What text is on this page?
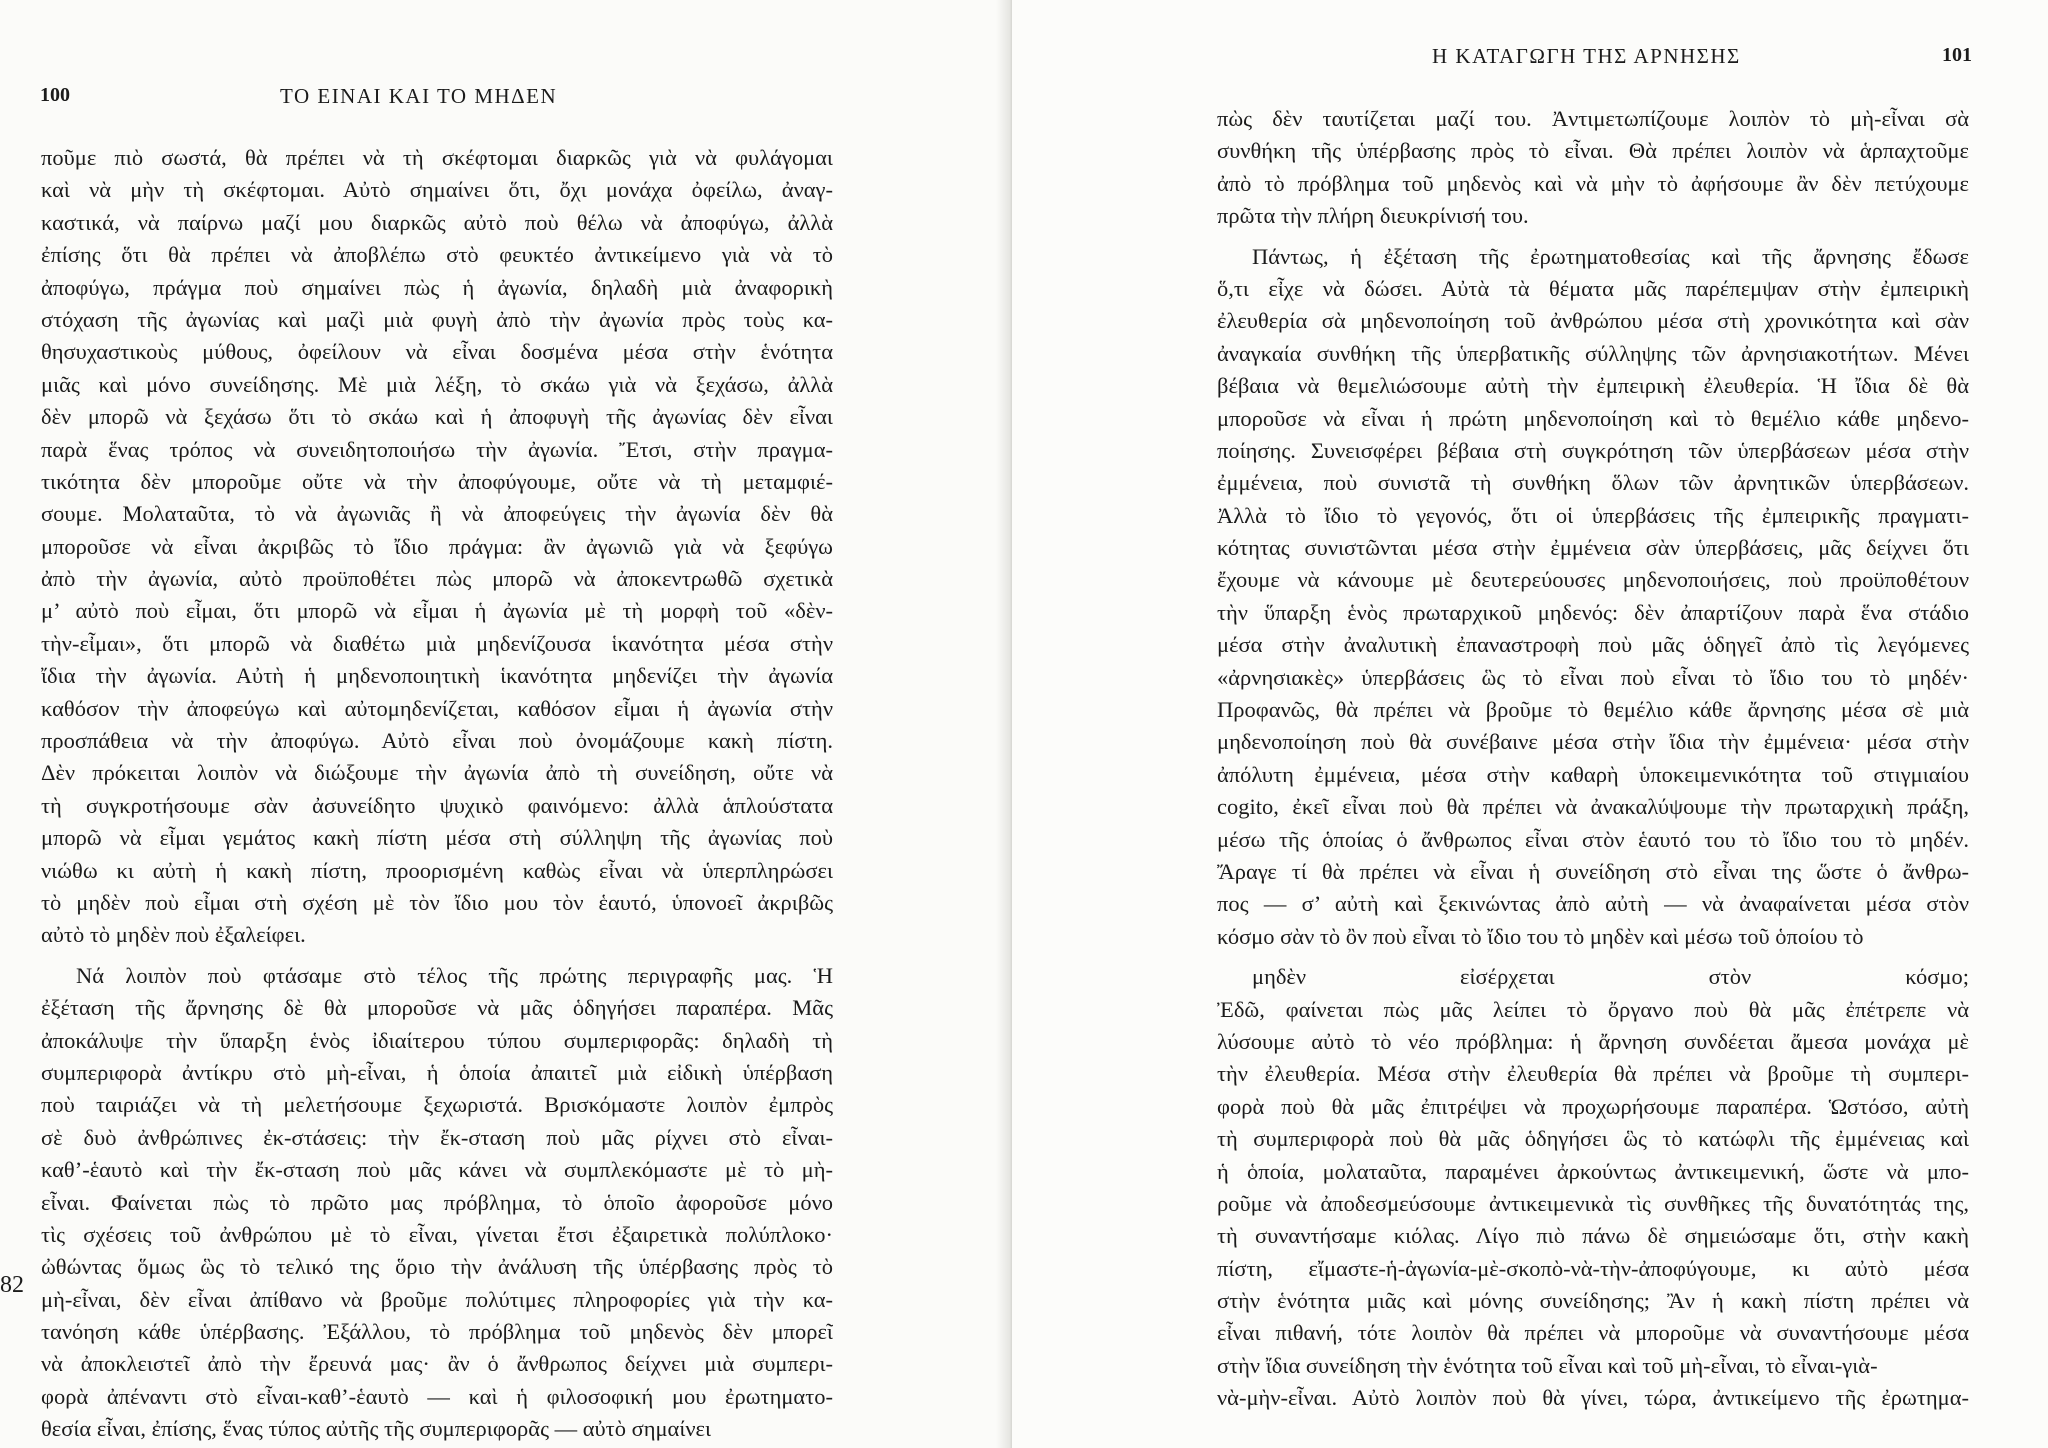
100	ΤΟ ΕΙΝΑΙ ΚΑΙ ΤΟ ΜΗΔΕΝ
ποῦμε πιὸ σωστά, θὰ πρέπει νὰ τὴ σκέφτομαι διαρκῶς γιὰ νὰ φυλάγομαι
καὶ νὰ μὴν τὴ σκέφτομαι. Αὐτὸ σημαίνει ὅτι, ὄχι μονάχα ὀφείλω, ἀναγ-
καστικά, νὰ παίρνω μαζί μου διαρκῶς αὐτὸ ποὺ θέλω νὰ ἀποφύγω, ἀλλὰ
ἐπίσης ὅτι θὰ πρέπει νὰ ἀποβλέπω στὸ φευκτέο ἀντικείμενο γιὰ νὰ τὸ
ἀποφύγω, πράγμα ποὺ σημαίνει πὼς ἡ ἀγωνία, δηλαδὴ μιὰ ἀναφορικὴ
στόχαση τῆς ἀγωνίας καὶ μαζὶ μιὰ φυγὴ ἀπὸ τὴν ἀγωνία πρὸς τοὺς κα-
θησυχαστικοὺς μύθους, ὀφείλουν νὰ εἶναι δοσμένα μέσα στὴν ἑνότητα
μιᾶς καὶ μόνο συνείδησης. Μὲ μιὰ λέξη, τὸ σκάω γιὰ νὰ ξεχάσω, ἀλλὰ
δὲν μπορῶ νὰ ξεχάσω ὅτι τὸ σκάω καὶ ἡ ἀποφυγὴ τῆς ἀγωνίας δὲν εἶναι
παρὰ ἕνας τρόπος νὰ συνειδητοποιήσω τὴν ἀγωνία. Ἔτσι, στὴν πραγμα-
τικότητα δὲν μποροῦμε οὔτε νὰ τὴν ἀποφύγουμε, οὔτε νὰ τὴ μεταμφιέ-
σουμε. Μολαταῦτα, τὸ νὰ ἀγωνιᾶς ἢ νὰ ἀποφεύγεις τὴν ἀγωνία δὲν θὰ
μποροῦσε νὰ εἶναι ἀκριβῶς τὸ ἴδιο πράγμα: ἂν ἀγωνιῶ γιὰ νὰ ξεφύγω
ἀπὸ τὴν ἀγωνία, αὐτὸ προϋποθέτει πὼς μπορῶ νὰ ἀποκεντρωθῶ σχετικὰ
μ’ αὐτὸ ποὺ εἶμαι, ὅτι μπορῶ νὰ εἶμαι ἡ ἀγωνία μὲ τὴ μορφὴ τοῦ «δὲν-
τὴν-εἶμαι», ὅτι μπορῶ νὰ διαθέτω μιὰ μηδενίζουσα ἱκανότητα μέσα στὴν
ἴδια τὴν ἀγωνία. Αὐτὴ ἡ μηδενοποιητικὴ ἱκανότητα μηδενίζει τὴν ἀγωνία
καθόσον τὴν ἀποφεύγω καὶ αὐτομηδενίζεται, καθόσον εἶμαι ἡ ἀγωνία στὴν
προσπάθεια νὰ τὴν ἀποφύγω. Αὐτὸ εἶναι ποὺ ὀνομάζουμε κακὴ πίστη.
Δὲν πρόκειται λοιπὸν νὰ διώξουμε τὴν ἀγωνία ἀπὸ τὴ συνείδηση, οὔτε νὰ
τὴ συγκροτήσουμε σὰν ἀσυνείδητο ψυχικὸ φαινόμενο: ἀλλὰ ἁπλούστατα
μπορῶ νὰ εἶμαι γεμάτος κακὴ πίστη μέσα στὴ σύλληψη τῆς ἀγωνίας ποὺ
νιώθω κι αὐτὴ ἡ κακὴ πίστη, προορισμένη καθὼς εἶναι νὰ ὑπερπληρώσει
τὸ μηδὲν ποὺ εἶμαι στὴ σχέση μὲ τὸν ἴδιο μου τὸν ἑαυτό, ὑπονοεῖ ἀκριβῶς
αὐτὸ τὸ μηδὲν ποὺ ἐξαλείφει.
Νά λοιπὸν ποὺ φτάσαμε στὸ τέλος τῆς πρώτης περιγραφῆς μας. Ἡ
ἐξέταση τῆς ἄρνησης δὲ θὰ μποροῦσε νὰ μᾶς ὁδηγήσει παραπέρα. Μᾶς
ἀποκάλυψε τὴν ὕπαρξη ἑνὸς ἰδιαίτερου τύπου συμπεριφορᾶς: δηλαδὴ τὴ
συμπεριφορὰ ἀντίκρυ στὸ μὴ-εἶναι, ἡ ὁποία ἀπαιτεῖ μιὰ εἰδικὴ ὑπέρβαση
ποὺ ταιριάζει νὰ τὴ μελετήσουμε ξεχωριστά. Βρισκόμαστε λοιπὸν ἐμπρὸς
σὲ δυὸ ἀνθρώπινες ἐκ-στάσεις: τὴν ἔκ-σταση ποὺ μᾶς ρίχνει στὸ εἶναι-
καθ’-ἑαυτὸ καὶ τὴν ἔκ-σταση ποὺ μᾶς κάνει νὰ συμπλεκόμαστε μὲ τὸ μὴ-
εἶναι. Φαίνεται πὼς τὸ πρῶτο μας πρόβλημα, τὸ ὁποῖο ἀφοροῦσε μόνο
τὶς σχέσεις τοῦ ἀνθρώπου μὲ τὸ εἶναι, γίνεται ἔτσι ἐξαιρετικὰ πολύπλοκο·
ὠθώντας ὅμως ὣς τὸ τελικό της ὅριο τὴν ἀνάλυση τῆς ὑπέρβασης πρὸς τὸ
μὴ-εἶναι, δὲν εἶναι ἀπίθανο νὰ βροῦμε πολύτιμες πληροφορίες γιὰ τὴν κα-
τανόηση κάθε ὑπέρβασης. Ἐξάλλου, τὸ πρόβλημα τοῦ μηδενὸς δὲν μπορεῖ
νὰ ἀποκλειστεῖ ἀπὸ τὴν ἔρευνά μας· ἂν ὁ ἄνθρωπος δείχνει μιὰ συμπερι-
φορὰ ἀπέναντι στὸ εἶναι-καθ’-ἑαυτὸ — καὶ ἡ φιλοσοφική μου ἐρωτηματο-
θεσία εἶναι, ἐπίσης, ἕνας τύπος αὐτῆς τῆς συμπεριφορᾶς — αὐτὸ σημαίνει
82
Η ΚΑΤΑΓΩΓΗ ΤΗΣ ΑΡΝΗΣΗΣ	101
πὼς δὲν ταυτίζεται μαζί του. Ἀντιμετωπίζουμε λοιπὸν τὸ μὴ-εἶναι σὰ
συνθήκη τῆς ὑπέρβασης πρὸς τὸ εἶναι. Θὰ πρέπει λοιπὸν νὰ ἁρπαχτοῦμε
ἀπὸ τὸ πρόβλημα τοῦ μηδενὸς καὶ νὰ μὴν τὸ ἀφήσουμε ἂν δὲν πετύχουμε
πρῶτα τὴν πλήρη διευκρίνισή του.
Πάντως, ἡ ἐξέταση τῆς ἐρωτηματοθεσίας καὶ τῆς ἄρνησης ἔδωσε
ὅ,τι εἶχε νὰ δώσει. Αὐτὰ τὰ θέματα μᾶς παρέπεμψαν στὴν ἐμπειρικὴ
ἐλευθερία σὰ μηδενοποίηση τοῦ ἀνθρώπου μέσα στὴ χρονικότητα καὶ σὰν
ἀναγκαία συνθήκη τῆς ὑπερβατικῆς σύλληψης τῶν ἀρνησιακοτήτων. Μένει
βέβαια νὰ θεμελιώσουμε αὐτὴ τὴν ἐμπειρικὴ ἐλευθερία. Ἡ ἴδια δὲ θὰ
μποροῦσε νὰ εἶναι ἡ πρώτη μηδενοποίηση καὶ τὸ θεμέλιο κάθε μηδενο-
ποίησης. Συνεισφέρει βέβαια στὴ συγκρότηση τῶν ὑπερβάσεων μέσα στὴν
ἐμμένεια, ποὺ συνιστᾶ τὴ συνθήκη ὅλων τῶν ἀρνητικῶν ὑπερβάσεων.
Ἀλλὰ τὸ ἴδιο τὸ γεγονός, ὅτι οἱ ὑπερβάσεις τῆς ἐμπειρικῆς πραγματι-
κότητας συνιστῶνται μέσα στὴν ἐμμένεια σὰν ὑπερβάσεις, μᾶς δείχνει ὅτι
ἔχουμε νὰ κάνουμε μὲ δευτερεύουσες μηδενοποιήσεις, ποὺ προϋποθέτουν
τὴν ὕπαρξη ἑνὸς πρωταρχικοῦ μηδενός: δὲν ἀπαρτίζουν παρὰ ἕνα στάδιο
μέσα στὴν ἀναλυτικὴ ἐπαναστροφὴ ποὺ μᾶς ὁδηγεῖ ἀπὸ τὶς λεγόμενες
«ἀρνησιακὲς» ὑπερβάσεις ὣς τὸ εἶναι ποὺ εἶναι τὸ ἴδιο του τὸ μηδέν·
Προφανῶς, θὰ πρέπει νὰ βροῦμε τὸ θεμέλιο κάθε ἄρνησης μέσα σὲ μιὰ
μηδενοποίηση ποὺ θὰ συνέβαινε μέσα στὴν ἴδια τὴν ἐμμένεια· μέσα στὴν
ἀπόλυτη ἐμμένεια, μέσα στὴν καθαρὴ ὑποκειμενικότητα τοῦ στιγμιαίου
cogito, ἐκεῖ εἶναι ποὺ θὰ πρέπει νὰ ἀνακαλύψουμε τὴν πρωταρχικὴ πράξη,
μέσω τῆς ὁποίας ὁ ἄνθρωπος εἶναι στὸν ἑαυτό του τὸ ἴδιο του τὸ μηδέν.
Ἄραγε τί θὰ πρέπει νὰ εἶναι ἡ συνείδηση στὸ εἶναι της ὥστε ὁ ἄνθρω-
πος — σ’ αὐτὴ καὶ ξεκινώντας ἀπὸ αὐτὴ — νὰ ἀναφαίνεται μέσα στὸν
κόσμο σὰν τὸ ὂν ποὺ εἶναι τὸ ἴδιο του τὸ μηδὲν καὶ μέσω τοῦ ὁποίου τὸ
μηδὲν εἰσέρχεται στὸν κόσμο;
Ἐδῶ, φαίνεται πὼς μᾶς λείπει τὸ ὄργανο ποὺ θὰ μᾶς ἐπέτρεπε νὰ
λύσουμε αὐτὸ τὸ νέο πρόβλημα: ἡ ἄρνηση συνδέεται ἄμεσα μονάχα μὲ
τὴν ἐλευθερία. Μέσα στὴν ἐλευθερία θὰ πρέπει νὰ βροῦμε τὴ συμπερι-
φορὰ ποὺ θὰ μᾶς ἐπιτρέψει νὰ προχωρήσουμε παραπέρα. Ὡστόσο, αὐτὴ
τὴ συμπεριφορὰ ποὺ θὰ μᾶς ὁδηγήσει ὣς τὸ κατώφλι τῆς ἐμμένειας καὶ
ἡ ὁποία, μολαταῦτα, παραμένει ἀρκούντως ἀντικειμενική, ὥστε νὰ μπο-
ροῦμε νὰ ἀποδεσμεύσουμε ἀντικειμενικὰ τὶς συνθῆκες τῆς δυνατότητάς της,
τὴ συναντήσαμε κιόλας. Λίγο πιὸ πάνω δὲ σημειώσαμε ὅτι, στὴν κακὴ
πίστη, εἴμαστε-ἡ-ἀγωνία-μὲ-σκοπὸ-νὰ-τὴν-ἀποφύγουμε, κι αὐτὸ μέσα
στὴν ἑνότητα μιᾶς καὶ μόνης συνείδησης; Ἂν ἡ κακὴ πίστη πρέπει νὰ
εἶναι πιθανή, τότε λοιπὸν θὰ πρέπει νὰ μποροῦμε νὰ συναντήσουμε μέσα
στὴν ἴδια συνείδηση τὴν ἑνότητα τοῦ εἶναι καὶ τοῦ μὴ-εἶναι, τὸ εἶναι-γιὰ-
νὰ-μὴν-εἶναι. Αὐτὸ λοιπὸν ποὺ θὰ γίνει, τώρα, ἀντικείμενο τῆς ἐρωτημα-
